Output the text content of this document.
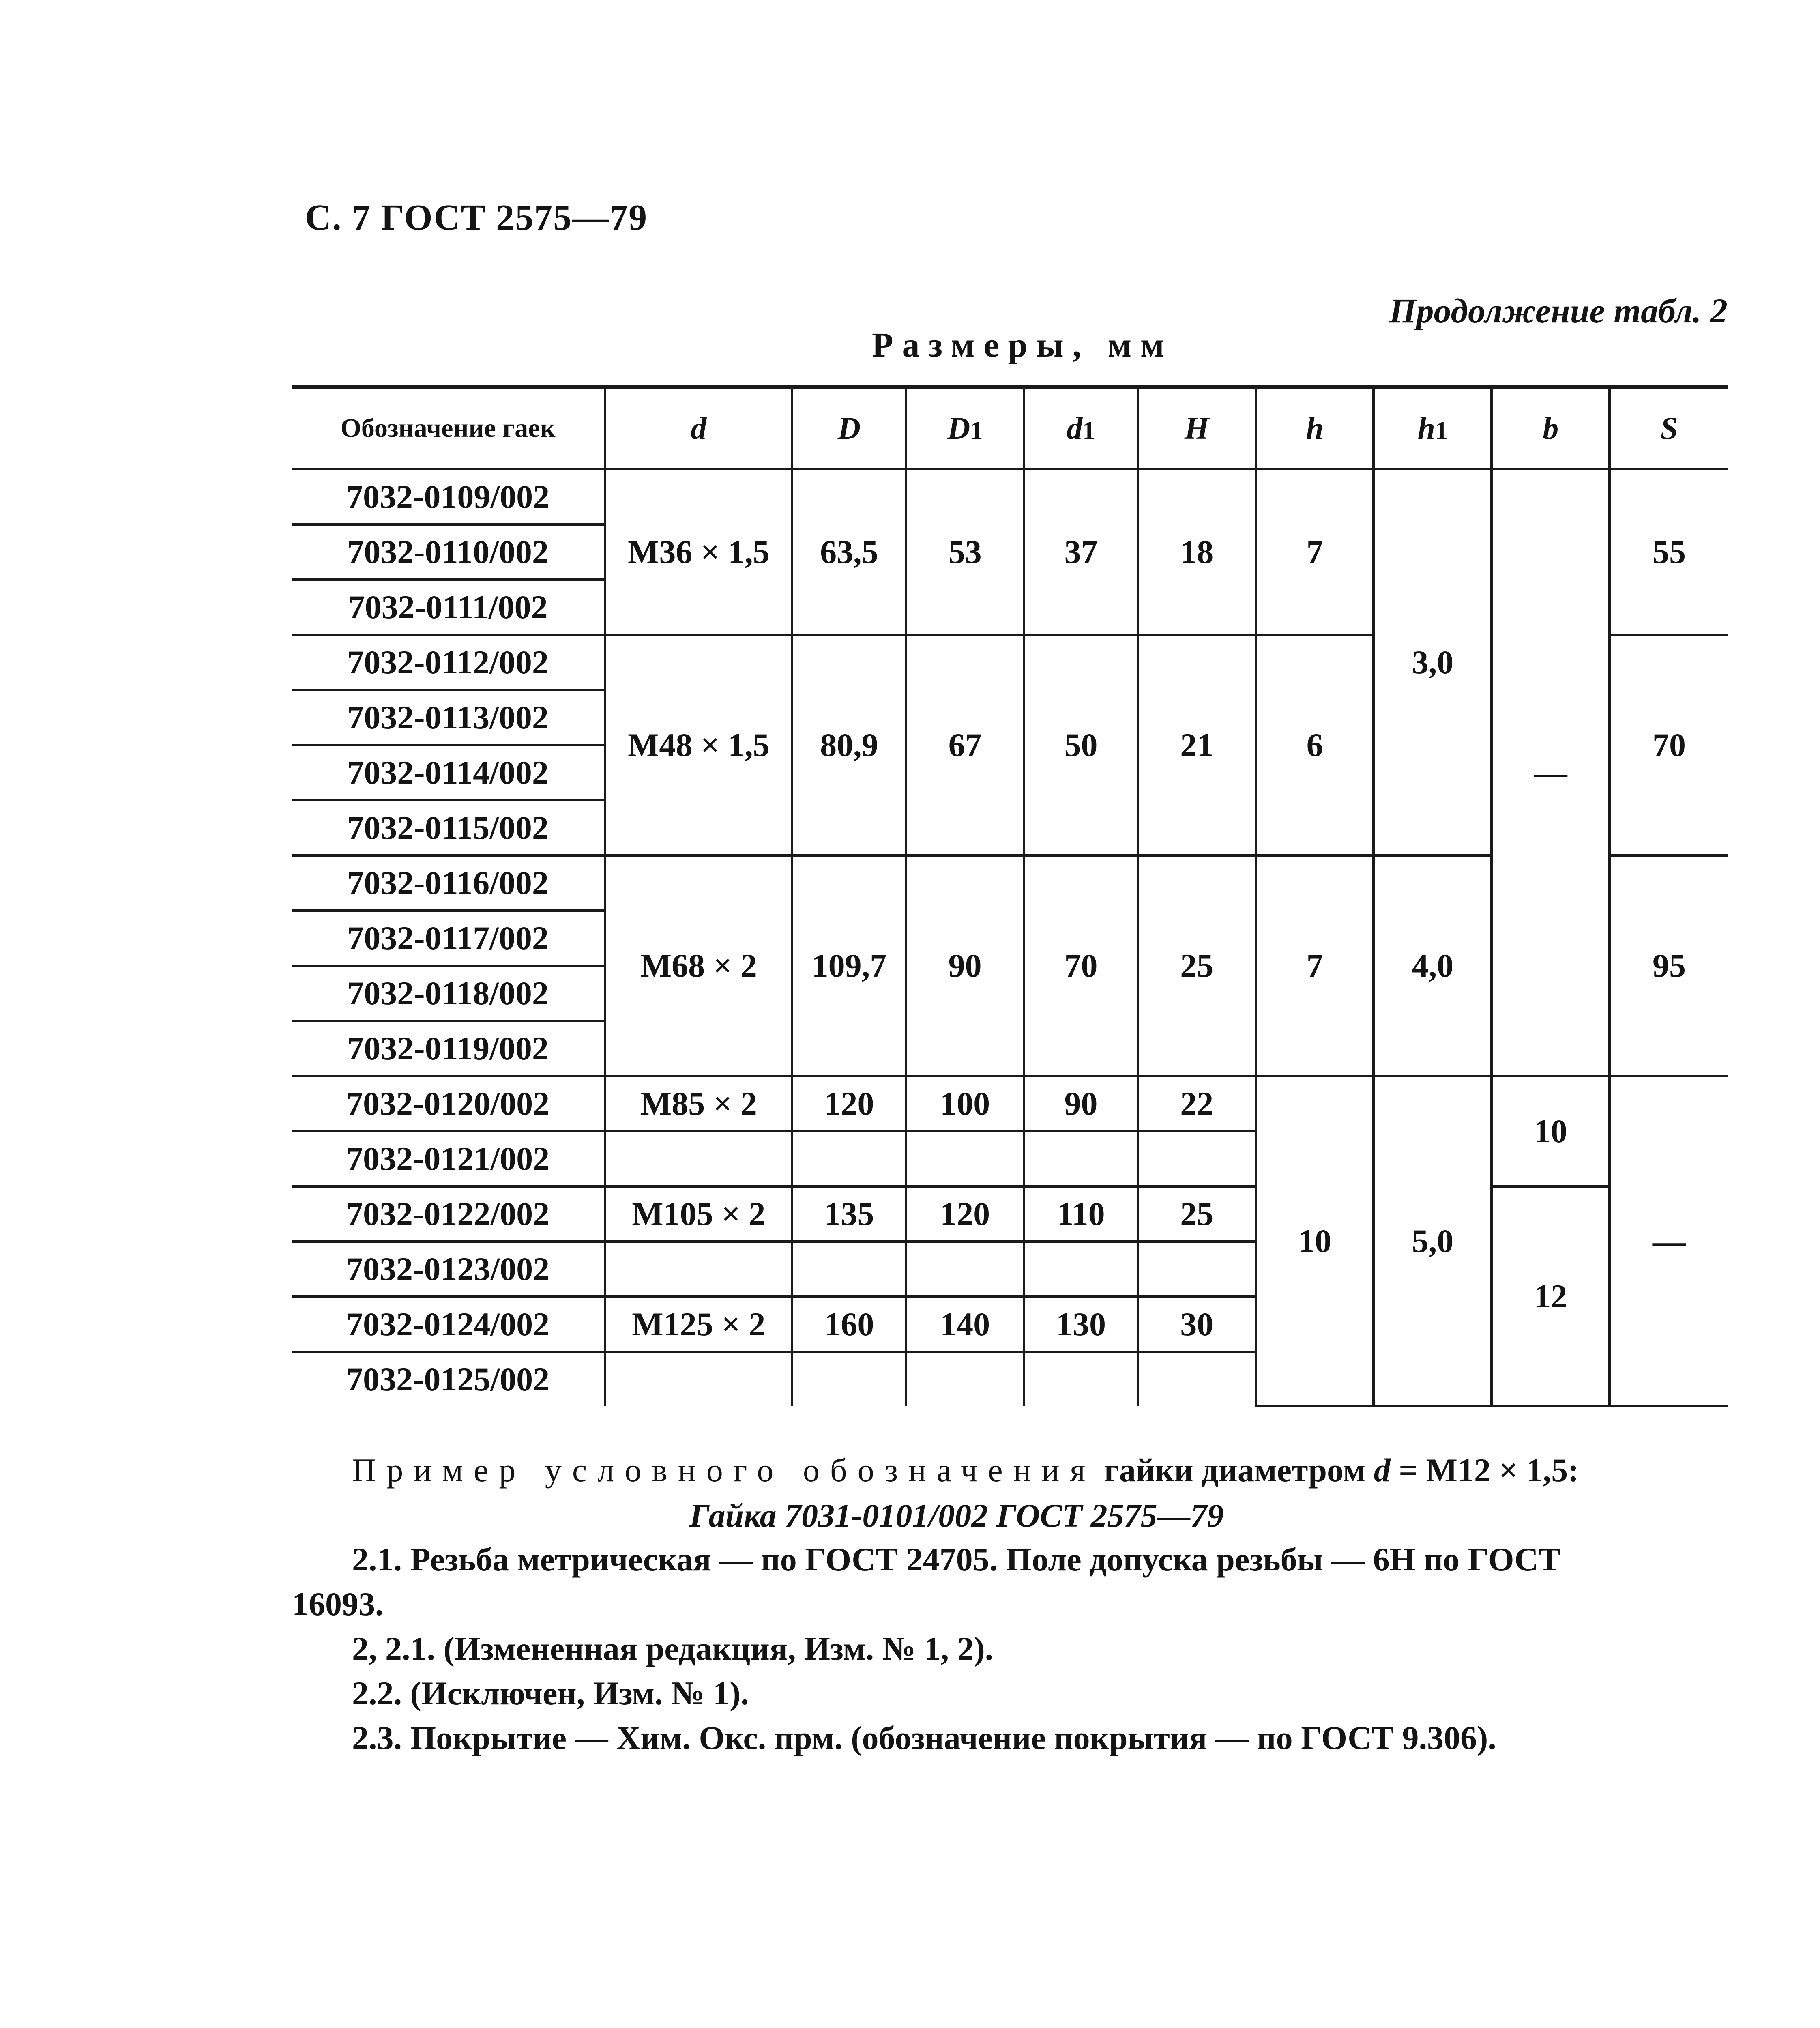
С. 7 ГОСТ 2575—79
Продолжение табл. 2
Размеры, мм
Обозначение гаек	d	D	D1	d1	H	h	h1	b	S
7032-0109/002	M36 × 1,5	63,5	53	37	18	7	3,0	—	55
7032-0110/002									
7032-0111/002									
7032-0112/002	M48 × 1,5	80,9	67	50	21	6			70
7032-0113/002									
7032-0114/002									
7032-0115/002									
7032-0116/002	M68 × 2	109,7	90	70	25	7	4,0		95
7032-0117/002									
7032-0118/002									
7032-0119/002									
7032-0120/002	M85 × 2	120	100	90	22	10	5,0	10	—
7032-0121/002									
7032-0122/002	M105 × 2	135	120	110	25			12	
7032-0123/002									
7032-0124/002	M125 × 2	160	140	130	30				
7032-0125/002									
Пример условного обозначения гайки диаметром d = M12 × 1,5:
Гайка 7031-0101/002 ГОСТ 2575—79
2.1. Резьба метрическая — по ГОСТ 24705. Поле допуска резьбы — 6Н по ГОСТ
16093.
2, 2.1. (Измененная редакция, Изм. № 1, 2).
2.2. (Исключен, Изм. № 1).
2.3. Покрытие — Хим. Окс. прм. (обозначение покрытия — по ГОСТ 9.306).
